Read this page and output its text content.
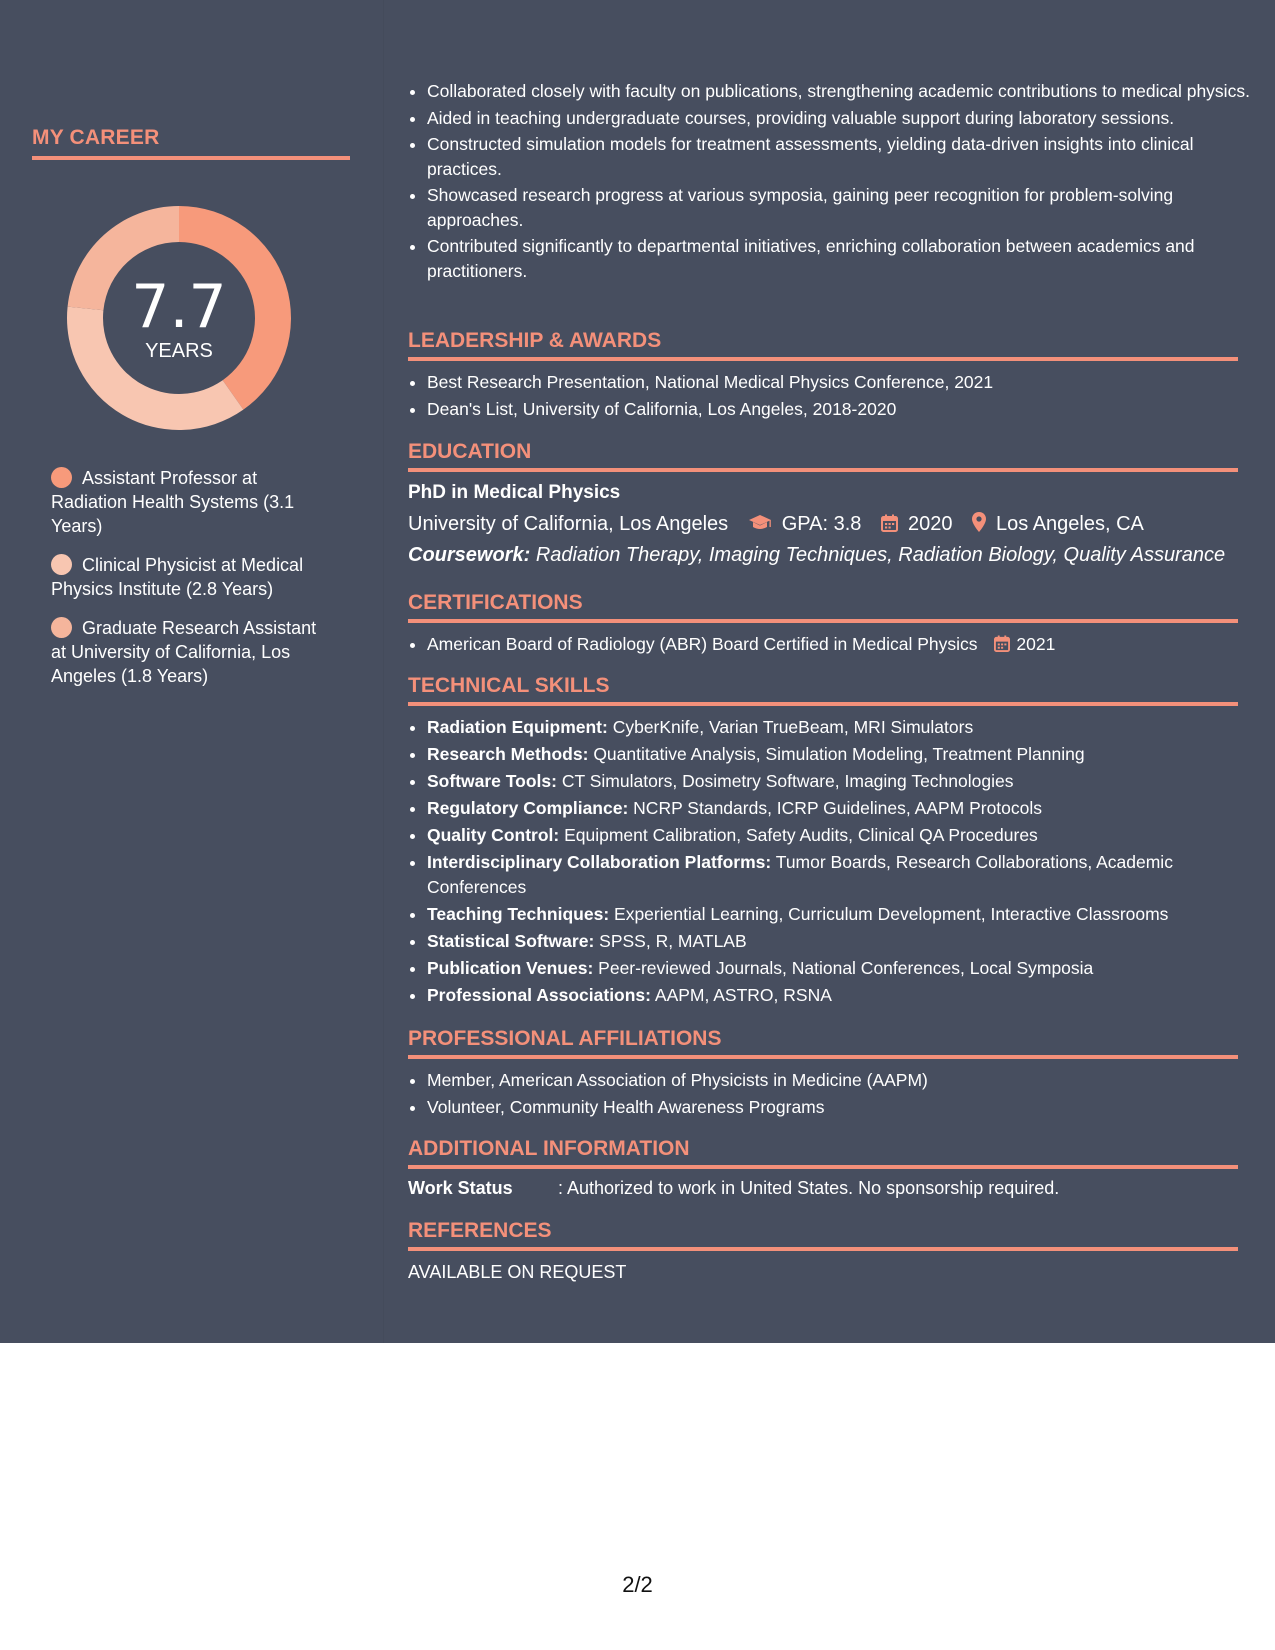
MY CAREER
7.7
YEARS
Assistant Professor at Radiation Health Systems (3.1 Years)
Clinical Physicist at Medical Physics Institute (2.8 Years)
Graduate Research Assistant at University of California, Los Angeles (1.8 Years)
• Collaborated closely with faculty on publications, strengthening academic contributions to medical physics.
• Aided in teaching undergraduate courses, providing valuable support during laboratory sessions.
• Constructed simulation models for treatment assessments, yielding data-driven insights into clinical practices.
• Showcased research progress at various symposia, gaining peer recognition for problem-solving approaches.
• Contributed significantly to departmental initiatives, enriching collaboration between academics and practitioners.
LEADERSHIP & AWARDS
• Best Research Presentation, National Medical Physics Conference, 2021
• Dean's List, University of California, Los Angeles, 2018-2020
EDUCATION
PhD in Medical Physics
University of California, Los Angeles	GPA: 3.8 2020 Los Angeles, CA
Coursework: Radiation Therapy, Imaging Techniques, Radiation Biology, Quality Assurance
CERTIFICATIONS
• American Board of Radiology (ABR) Board Certified in Medical Physics 2021
TECHNICAL SKILLS
• Radiation Equipment: CyberKnife, Varian TrueBeam, MRI Simulators
• Research Methods: Quantitative Analysis, Simulation Modeling, Treatment Planning
• Software Tools: CT Simulators, Dosimetry Software, Imaging Technologies
• Regulatory Compliance: NCRP Standards, ICRP Guidelines, AAPM Protocols
• Quality Control: Equipment Calibration, Safety Audits, Clinical QA Procedures
• Interdisciplinary Collaboration Platforms: Tumor Boards, Research Collaborations, Academic Conferences
• Teaching Techniques: Experiential Learning, Curriculum Development, Interactive Classrooms
• Statistical Software: SPSS, R, MATLAB
• Publication Venues: Peer-reviewed Journals, National Conferences, Local Symposia
• Professional Associations: AAPM, ASTRO, RSNA
PROFESSIONAL AFFILIATIONS
• Member, American Association of Physicists in Medicine (AAPM)
• Volunteer, Community Health Awareness Programs
ADDITIONAL INFORMATION
Work Status	: Authorized to work in United States. No sponsorship required.
REFERENCES
AVAILABLE ON REQUEST
2/2
